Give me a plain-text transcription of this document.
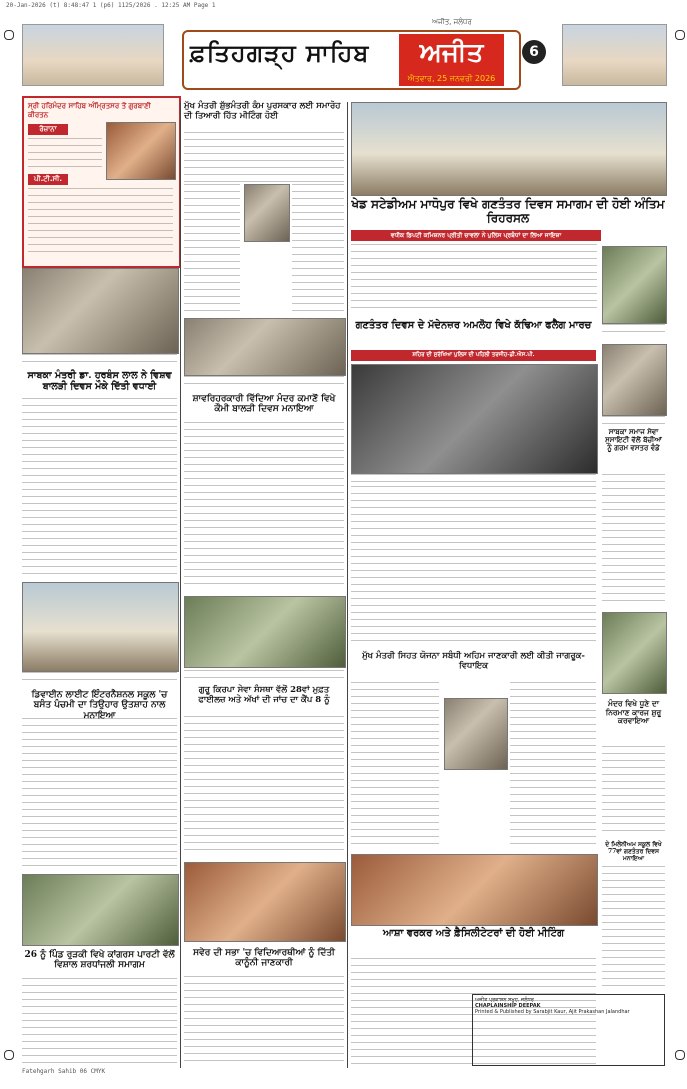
20-Jan-2026 (t) 8:48:47 1 (p6) 1125/2026 . 12:25 AM Page 1
ਫ਼ਤਿਹਗੜ੍ਹ ਸਾਹਿਬ	ਅਜੀਤ
ਐਤਵਾਰ, 25 ਜਨਵਰੀ 2026
ਅਜੀਤ, ਜਲੰਧਰ
6
ਸ੍ਰੀ ਹਰਿਮੰਦਰ ਸਾਹਿਬ ਅੰਮ੍ਰਿਤਸਰ ਤੋਂ ਗੁਰਬਾਣੀ ਕੀਰਤਨ
ਰੋਜ਼ਾਨਾ
ਪੀ.ਟੀ.ਸੀ.
ਸਾਬਕਾ ਮੰਤਰੀ ਡਾ. ਹਰਬੰਸ ਲਾਲ ਨੇ ਵਿਸ਼ਵ ਬਾਲੜੀ ਦਿਵਸ ਮੌਕੇ ਦਿੱਤੀ ਵਧਾਈ
ਡਿਵਾਈਨ ਲਾਈਟ ਇੰਟਰਨੈਸ਼ਨਲ ਸਕੂਲ 'ਚ ਬਸੰਤ ਪੰਚਮੀ ਦਾ ਤਿਉਹਾਰ ਉਤਸ਼ਾਹ ਨਾਲ ਮਨਾਇਆ
26 ਨੂੰ ਪਿੰਡ ਰੁੜਕੀ ਵਿਖੇ ਕਾਂਗਰਸ ਪਾਰਟੀ ਵੱਲੋਂ ਵਿਸ਼ਾਲ ਸ਼ਰਧਾਂਜਲੀ ਸਮਾਗਮ
ਮੁੱਖ ਮੰਤਰੀ ਸ਼ੁੱਭਮੰਤਰੀ ਕੰਮ ਪੁਰਸਕਾਰ ਲਈ ਸਮਾਰੋਹ ਦੀ ਤਿਆਰੀ ਹਿੱਤ ਮੀਟਿੰਗ ਹੋਈ
ਸ਼ਾਵਰਿਹਰਕਾਰੀ ਵਿੱਦਿਆ ਮੰਦਰ ਕਮਾਣੋਂ ਵਿਖੇ ਕੌਮੀ ਬਾਲੜੀ ਦਿਵਸ ਮਨਾਇਆ
ਗੁਰੂ ਕਿਰਪਾ ਸੇਵਾ ਸੰਸਥਾ ਵੱਲੋਂ 28ਵਾਂ ਮੁਫ਼ਤ ਫਾਈਲਜ਼ ਅਤੇ ਅੱਖਾਂ ਦੀ ਜਾਂਚ ਦਾ ਕੈਂਪ 8 ਨੂੰ
ਸਵੇਰ ਦੀ ਸਭਾ 'ਚ ਵਿਦਿਆਰਥੀਆਂ ਨੂੰ ਦਿੱਤੀ ਕਾਨੂੰਨੀ ਜਾਣਕਾਰੀ
ਖੇਡ ਸਟੇਡੀਅਮ ਮਾਧੋਪੁਰ ਵਿਖੇ ਗਣਤੰਤਰ ਦਿਵਸ ਸਮਾਗਮ ਦੀ ਹੋਈ ਅੰਤਿਮ ਰਿਹਰਸਲ
ਵਧੀਕ ਡਿਪਟੀ ਕਮਿਸ਼ਨਰ ਪ੍ਰੀਤੀ ਚਾਵਲਾ ਨੇ ਪੁਲਿਸ ਪ੍ਰਬੰਧਾਂ ਦਾ ਲਿਆ ਜਾਇਜ਼ਾ
ਗਣਤੰਤਰ ਦਿਵਸ ਦੇ ਮੱਦੇਨਜ਼ਰ ਅਮਲੋਹ ਵਿਖੇ ਕੱਢਿਆ ਫਲੈਗ ਮਾਰਚ
ਸ਼ਹਿਰ ਦੀ ਸੁਰੱਖਿਆ ਪੁਲਿਸ ਦੀ ਪਹਿਲੀ ਤਰਜੀਹ-ਡੀ.ਐਸ.ਪੀ.
ਸਾਬਕਾ ਸਮਾਜ ਸੇਵਾ ਸੁਸਾਇਟੀ ਵੱਲੋਂ ਬੱਚੀਆਂ ਨੂੰ ਗਰਮ ਵਸਤਰ ਵੰਡੇ
ਮੁੱਖ ਮੰਤਰੀ ਸਿਹਤ ਯੋਜਨਾ ਸਬੰਧੀ ਅਹਿਮ ਜਾਣਕਾਰੀ ਲਈ ਕੀਤੀ ਜਾਗਰੂਕ-ਵਿਧਾਇਕ
ਮੰਦਰ ਵਿਖੇ ਧੂਣੇ ਦਾ ਨਿਰਮਾਣ ਕਾਰਜ ਸ਼ੁਰੂ ਕਰਵਾਇਆ
ਆਸ਼ਾ ਵਰਕਰ ਅਤੇ ਫ਼ੈਸਿਲੀਟੇਟਰਾਂ ਦੀ ਹੋਈ ਮੀਟਿੰਗ
ਦੇ ਮਿਲੇਨੀਅਮ ਸਕੂਲ ਵਿਖੇ 77ਵਾਂ ਗਣਤੰਤਰ ਦਿਵਸ ਮਨਾਇਆ
ਅਜੀਤ ਪ੍ਰਕਾਸ਼ਨ ਸਮੂਹ, ਜਲੰਧਰ
CHAPLAINSHIP DEEPAK
Printed & Published by Sarabjit Kaur, Ajit Prakashan Jalandhar
Fatehgarh Sahib 06 CMYK
